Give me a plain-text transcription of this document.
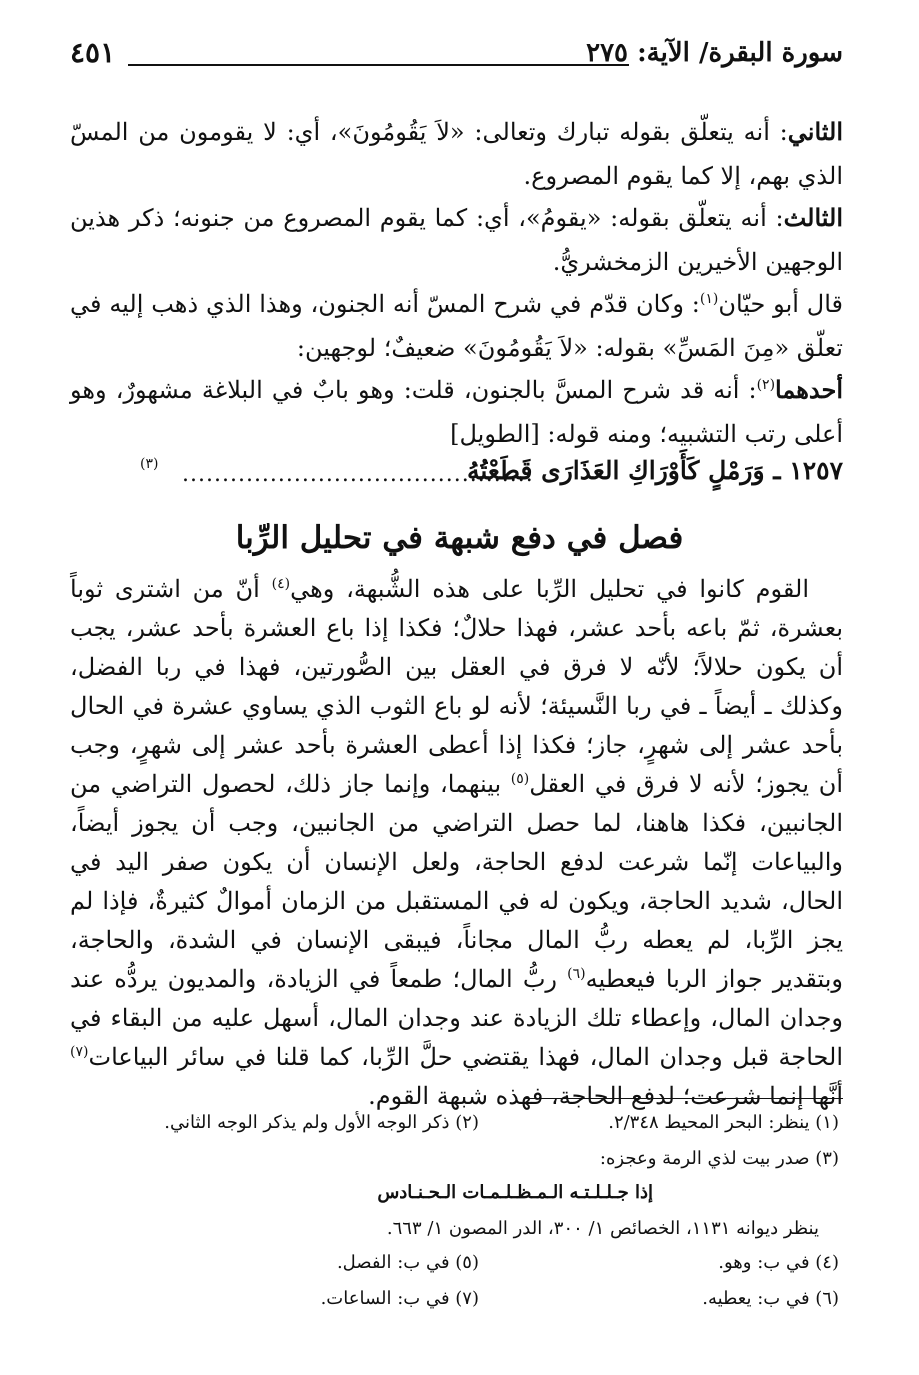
سورة البقرة/ الآية: ٢٧٥
٤٥١
الثاني: أنه يتعلّق بقوله تبارك وتعالى: «لاَ يَقُومُونَ»، أي: لا يقومون من المسّ الذي بهم، إلا كما يقوم المصروع.
الثالث: أنه يتعلّق بقوله: «يقومُ»، أي: كما يقوم المصروع من جنونه؛ ذكر هذين الوجهين الأخيرين الزمخشريُّ.
قال أبو حيّان$^{(١)}$: وكان قدّم في شرح المسّ أنه الجنون، وهذا الذي ذهب إليه في تعلّق «مِنَ المَسِّ» بقوله: «لاَ يَقُومُونَ» ضعيفٌ؛ لوجهين:
أحدهما$^{(٢)}$: أنه قد شرح المسَّ بالجنون، قلت: وهو بابٌ في البلاغة مشهورٌ، وهو أعلى رتب التشبيه؛ ومنه قوله: [الطويل]
١٢٥٧ ـ وَرَمْلٍ كَأَوْرَاكِ العَذَارَى قَطَعْتُهُ
............................................
(٣)
فصل في دفع شبهة في تحليل الرِّبا
القوم كانوا في تحليل الرِّبا على هذه الشُّبهة، وهي$^{(٤)}$ أنّ من اشترى ثوباً بعشرة، ثمّ باعه بأحد عشر، فهذا حلالٌ؛ فكذا إذا باع العشرة بأحد عشر، يجب أن يكون حلالاً؛ لأنّه لا فرق في العقل بين الصُّورتين، فهذا في ربا الفضل، وكذلك ـ أيضاً ـ في ربا النَّسيئة؛ لأنه لو باع الثوب الذي يساوي عشرة في الحال بأحد عشر إلى شهرٍ، جاز؛ فكذا إذا أعطى العشرة بأحد عشر إلى شهرٍ، وجب أن يجوز؛ لأنه لا فرق في العقل$^{(٥)}$ بينهما، وإنما جاز ذلك، لحصول التراضي من الجانبين، فكذا هاهنا، لما حصل التراضي من الجانبين، وجب أن يجوز أيضاً، والبياعات إنّما شرعت لدفع الحاجة، ولعل الإنسان أن يكون صفر اليد في الحال، شديد الحاجة، ويكون له في المستقبل من الزمان أموالٌ كثيرةٌ، فإذا لم يجز الرِّبا، لم يعطه ربُّ المال مجاناً، فيبقى الإنسان في الشدة، والحاجة، وبتقدير جواز الربا فيعطيه$^{(٦)}$ ربُّ المال؛ طمعاً في الزيادة، والمديون يردُّه عند وجدان المال، وإعطاء تلك الزيادة عند وجدان المال، أسهل عليه من البقاء في الحاجة قبل وجدان المال، فهذا يقتضي حلَّ الرِّبا، كما قلنا في سائر البياعات$^{(٧)}$ أنَّها إنما شرعت؛ لدفع الحاجة، فهذه شبهة القوم.
(١) ينظر: البحر المحيط ٢/٣٤٨.
(٢) ذكر الوجه الأول ولم يذكر الوجه الثاني.
(٣) صدر بيت لذي الرمة وعجزه:
إذا جـلـلـتـه الـمـظـلـمـات الـحـنـادس
ينظر ديوانه ١١٣١، الخصائص ١/ ٣٠٠، الدر المصون ١/ ٦٦٣.
(٤) في ب: وهو.
(٥) في ب: الفصل.
(٦) في ب: يعطيه.
(٧) في ب: الساعات.
